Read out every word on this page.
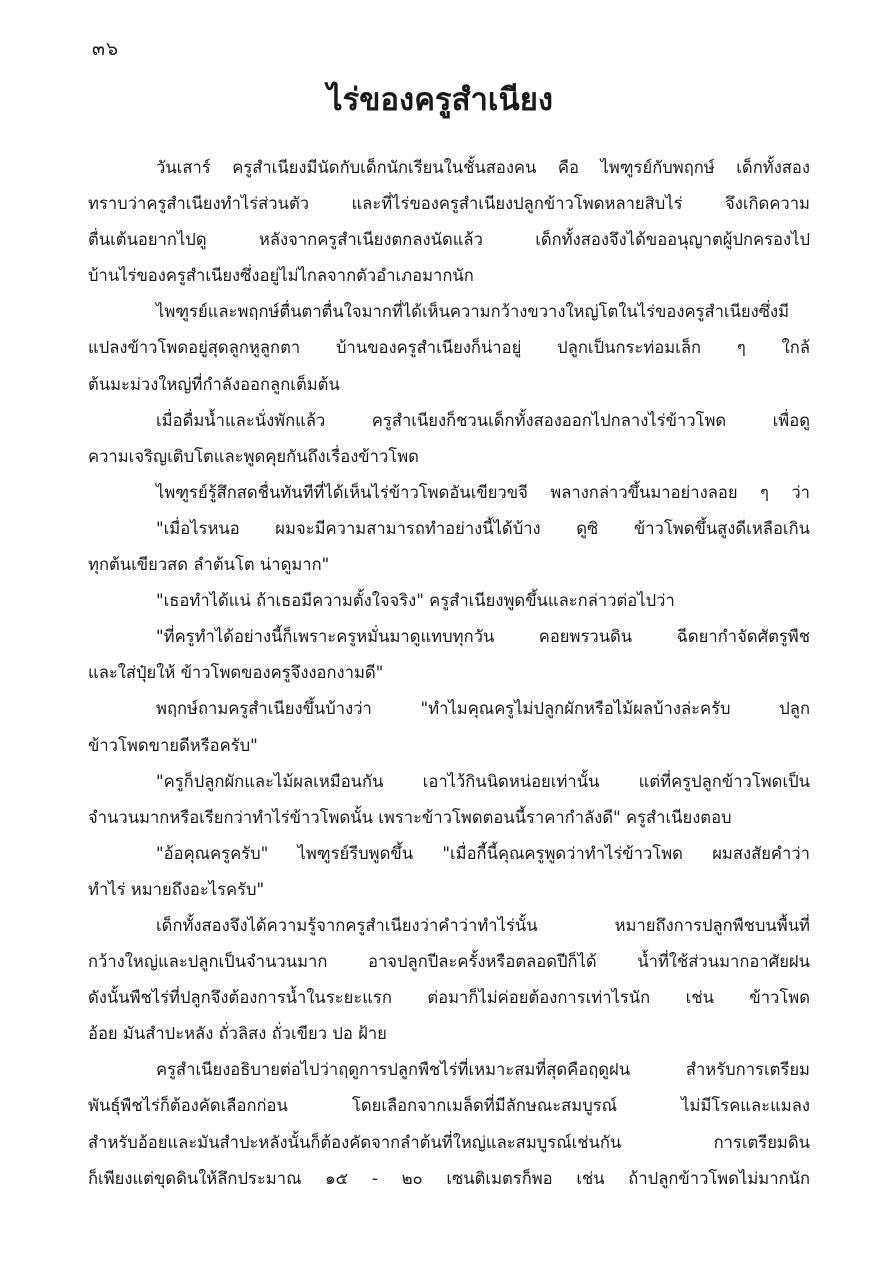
๓๖
ไร่ของครูสำเนียง
วันเสาร์ ครูสำเนียงมีนัดกับเด็กนักเรียนในชั้นสองคน คือ ไพฑูรย์กับพฤกษ์ เด็กทั้งสอง
ทราบว่าครูสำเนียงทำไร่ส่วนตัว และที่ไร่ของครูสำเนียงปลูกข้าวโพดหลายสิบไร่ จึงเกิดความ
ตื่นเต้นอยากไปดู หลังจากครูสำเนียงตกลงนัดแล้ว เด็กทั้งสองจึงได้ขออนุญาตผู้ปกครองไป
บ้านไร่ของครูสำเนียงซึ่งอยู่ไม่ไกลจากตัวอำเภอมากนัก
ไพฑูรย์และพฤกษ์ตื่นตาตื่นใจมากที่ได้เห็นความกว้างขวางใหญ่โตในไร่ของครูสำเนียงซึ่งมี
แปลงข้าวโพดอยู่สุดลูกหูลูกตา บ้านของครูสำเนียงก็น่าอยู่ ปลูกเป็นกระท่อมเล็ก ๆ ใกล้
ต้นมะม่วงใหญ่ที่กำลังออกลูกเต็มต้น
เมื่อดื่มน้ำและนั่งพักแล้ว ครูสำเนียงก็ชวนเด็กทั้งสองออกไปกลางไร่ข้าวโพด เพื่อดู
ความเจริญเติบโตและพูดคุยกันถึงเรื่องข้าวโพด
ไพฑูรย์รู้สึกสดชื่นทันทีที่ได้เห็นไร่ข้าวโพดอันเขียวขจี พลางกล่าวขึ้นมาอย่างลอย ๆ ว่า
"เมื่อไรหนอ ผมจะมีความสามารถทำอย่างนี้ได้บ้าง ดูซิ ข้าวโพดขึ้นสูงดีเหลือเกิน
ทุกต้นเขียวสด ลำต้นโต น่าดูมาก"
"เธอทำได้แน่ ถ้าเธอมีความตั้งใจจริง" ครูสำเนียงพูดขึ้นและกล่าวต่อไปว่า
"ที่ครูทำได้อย่างนี้ก็เพราะครูหมั่นมาดูแทบทุกวัน คอยพรวนดิน ฉีดยากำจัดศัตรูพืช
และใส่ปุ๋ยให้ ข้าวโพดของครูจึงงอกงามดี"
พฤกษ์ถามครูสำเนียงขึ้นบ้างว่า "ทำไมคุณครูไม่ปลูกผักหรือไม้ผลบ้างล่ะครับ ปลูก
ข้าวโพดขายดีหรือครับ"
"ครูก็ปลูกผักและไม้ผลเหมือนกัน เอาไว้กินนิดหน่อยเท่านั้น แต่ที่ครูปลูกข้าวโพดเป็น
จำนวนมากหรือเรียกว่าทำไร่ข้าวโพดนั้น เพราะข้าวโพดตอนนี้ราคากำลังดี" ครูสำเนียงตอบ
"อ้อคุณครูครับ" ไพฑูรย์รีบพูดขึ้น "เมื่อกี้นี้คุณครูพูดว่าทำไร่ข้าวโพด ผมสงสัยคำว่า
ทำไร่ หมายถึงอะไรครับ"
เด็กทั้งสองจึงได้ความรู้จากครูสำเนียงว่าคำว่าทำไร่นั้น หมายถึงการปลูกพืชบนพื้นที่
กว้างใหญ่และปลูกเป็นจำนวนมาก อาจปลูกปีละครั้งหรือตลอดปีก็ได้ น้ำที่ใช้ส่วนมากอาศัยฝน
ดังนั้นพืชไร่ที่ปลูกจึงต้องการน้ำในระยะแรก ต่อมาก็ไม่ค่อยต้องการเท่าไรนัก เช่น ข้าวโพด
อ้อย มันสำปะหลัง ถั่วลิสง ถั่วเขียว ปอ ฝ้าย
ครูสำเนียงอธิบายต่อไปว่าฤดูการปลูกพืชไร่ที่เหมาะสมที่สุดคือฤดูฝน สำหรับการเตรียม
พันธุ์พืชไร่ก็ต้องคัดเลือกก่อน โดยเลือกจากเมล็ดที่มีลักษณะสมบูรณ์ ไม่มีโรคและแมลง
สำหรับอ้อยและมันสำปะหลังนั้นก็ต้องคัดจากลำต้นที่ใหญ่และสมบูรณ์เช่นกัน การเตรียมดิน
ก็เพียงแต่ขุดดินให้ลึกประมาณ ๑๕ - ๒๐ เซนติเมตรก็พอ เช่น ถ้าปลูกข้าวโพดไม่มากนัก
